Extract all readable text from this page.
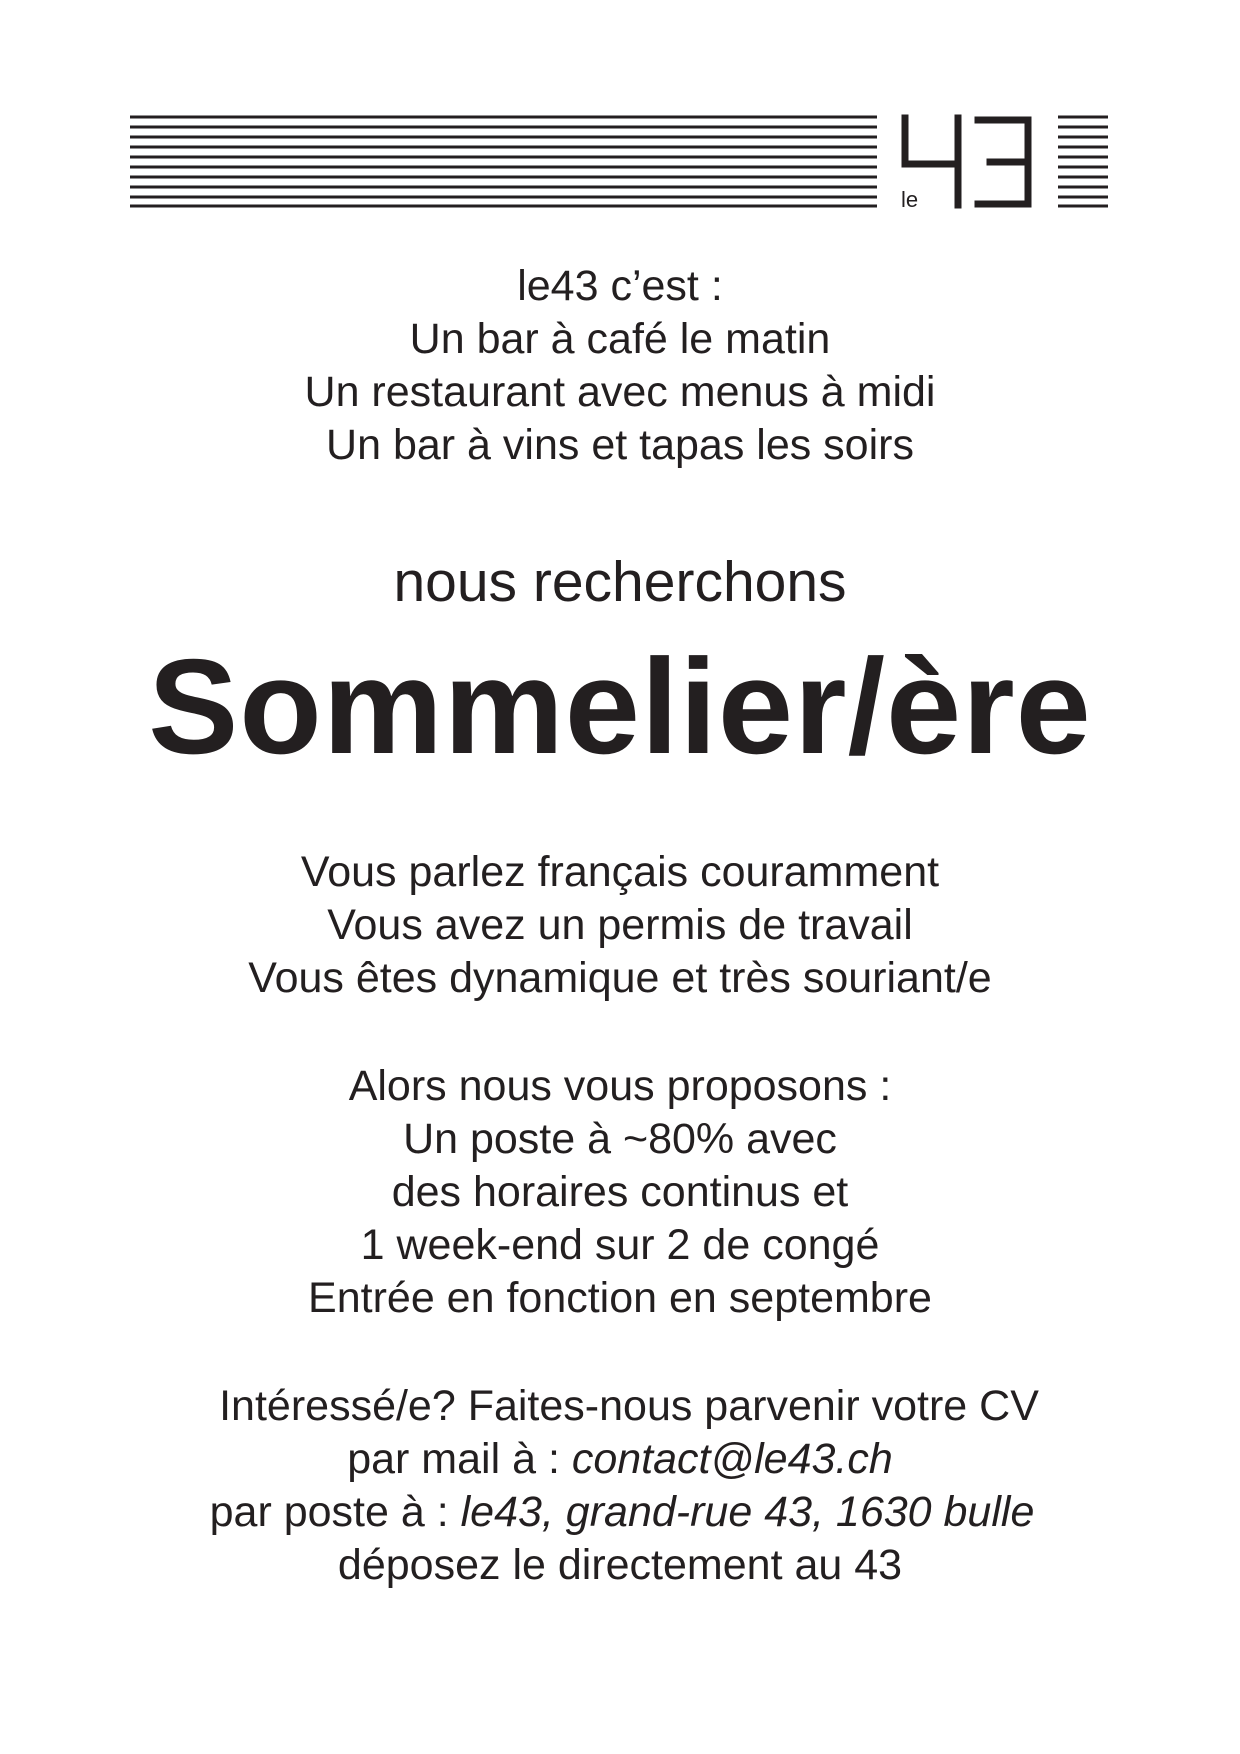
le
le43 c’est :
Un bar à café le matin
Un restaurant avec menus à midi
Un bar à vins et tapas les soirs
nous recherchons
Sommelier/ère
Vous parlez français couramment
Vous avez un permis de travail
Vous êtes dynamique et très souriant/e
Alors nous vous proposons :
Un poste à ~80% avec
des horaires continus et
1 week-end sur 2 de congé
Entrée en fonction en septembre
Intéressé/e? Faites-nous parvenir votre CV
par mail à : contact@le43.ch
par poste à : le43, grand-rue 43, 1630 bulle
déposez le directement au 43
